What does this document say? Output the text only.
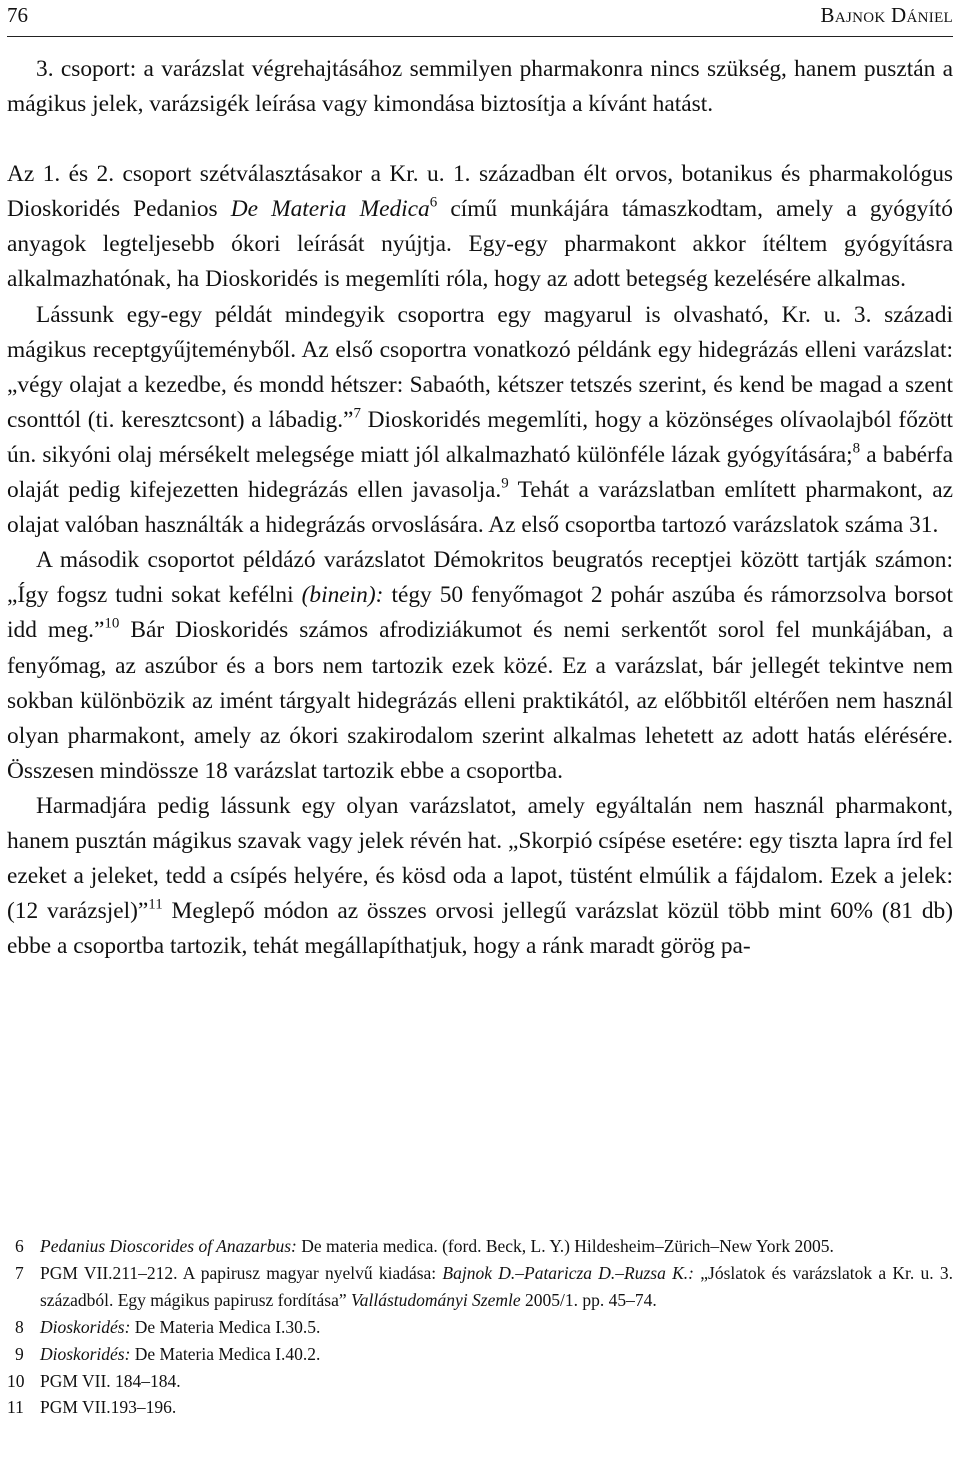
76	Bajnok Dániel

3. csoport: a varázslat végrehajtásához semmilyen pharmakonra nincs szükség, hanem pusztán a mágikus jelek, varázsigék leírása vagy kimondása biztosítja a kívánt hatást.

Az 1. és 2. csoport szétválasztásakor a Kr. u. 1. században élt orvos, botanikus és pharmakológus Dioskoridés Pedanios De Materia Medica$^6$ című munkájára támaszkodtam, amely a gyógyító anyagok legteljesebb ókori leírását nyújtja. Egy-egy pharmakont akkor ítéltem gyógyításra alkalmazhatónak, ha Dioskoridés is megemlíti róla, hogy az adott betegség kezelésére alkalmas.

Lássunk egy-egy példát mindegyik csoportra egy magyarul is olvasható, Kr. u. 3. századi mágikus receptgyűjteményből. Az első csoportra vonatkozó példánk egy hidegrázás elleni varázslat: „végy olajat a kezedbe, és mondd hétszer: Sabaóth, kétszer tetszés szerint, és kend be magad a szent csonttól (ti. keresztcsont) a lábadig.”$^7$ Dioskoridés megemlíti, hogy a közönséges olívaolajból főzött ún. sikyóni olaj mérsékelt melegsége miatt jól alkalmazható különféle lázak gyógyítására;$^8$ a babérfa olaját pedig kifejezetten hidegrázás ellen javasolja.$^9$ Tehát a varázslatban említett pharmakont, az olajat valóban használták a hidegrázás orvoslására. Az első csoportba tartozó varázslatok száma 31.

A második csoportot példázó varázslatot Démokritos beugratós receptjei között tartják számon: „Így fogsz tudni sokat kefélni (binein): tégy 50 fenyőmagot 2 pohár aszúba és rámorzsolva borsot idd meg.”$^{10}$ Bár Dioskoridés számos afrodiziákumot és nemi serkentőt sorol fel munkájában, a fenyőmag, az aszúbor és a bors nem tartozik ezek közé. Ez a varázslat, bár jellegét tekintve nem sokban különbözik az imént tárgyalt hidegrázás elleni praktikától, az előbbitől eltérően nem használ olyan pharmakont, amely az ókori szakirodalom szerint alkalmas lehetett az adott hatás elérésére. Összesen mindössze 18 varázslat tartozik ebbe a csoportba.

Harmadjára pedig lássunk egy olyan varázslatot, amely egyáltalán nem használ pharmakont, hanem pusztán mágikus szavak vagy jelek révén hat. „Skorpió csípése esetére: egy tiszta lapra írd fel ezeket a jeleket, tedd a csípés helyére, és kösd oda a lapot, tüstént elmúlik a fájdalom. Ezek a jelek: (12 varázsjel)”$^{11}$ Meglepő módon az összes orvosi jellegű varázslat közül több mint 60% (81 db) ebbe a csoportba tartozik, tehát megállapíthatjuk, hogy a ránk maradt görög pa-

6 Pedanius Dioscorides of Anazarbus: De materia medica. (ford. Beck, L. Y.) Hildesheim–Zürich–New York 2005.
7 PGM VII.211–212. A papirusz magyar nyelvű kiadása: Bajnok D.–Pataricza D.–Ruzsa K.: „Jóslatok és varázslatok a Kr. u. 3. századból. Egy mágikus papirusz fordítása” Vallástudományi Szemle 2005/1. pp. 45–74.
8 Dioskoridés: De Materia Medica I.30.5.
9 Dioskoridés: De Materia Medica I.40.2.
10 PGM VII. 184–184.
11 PGM VII.193–196.
